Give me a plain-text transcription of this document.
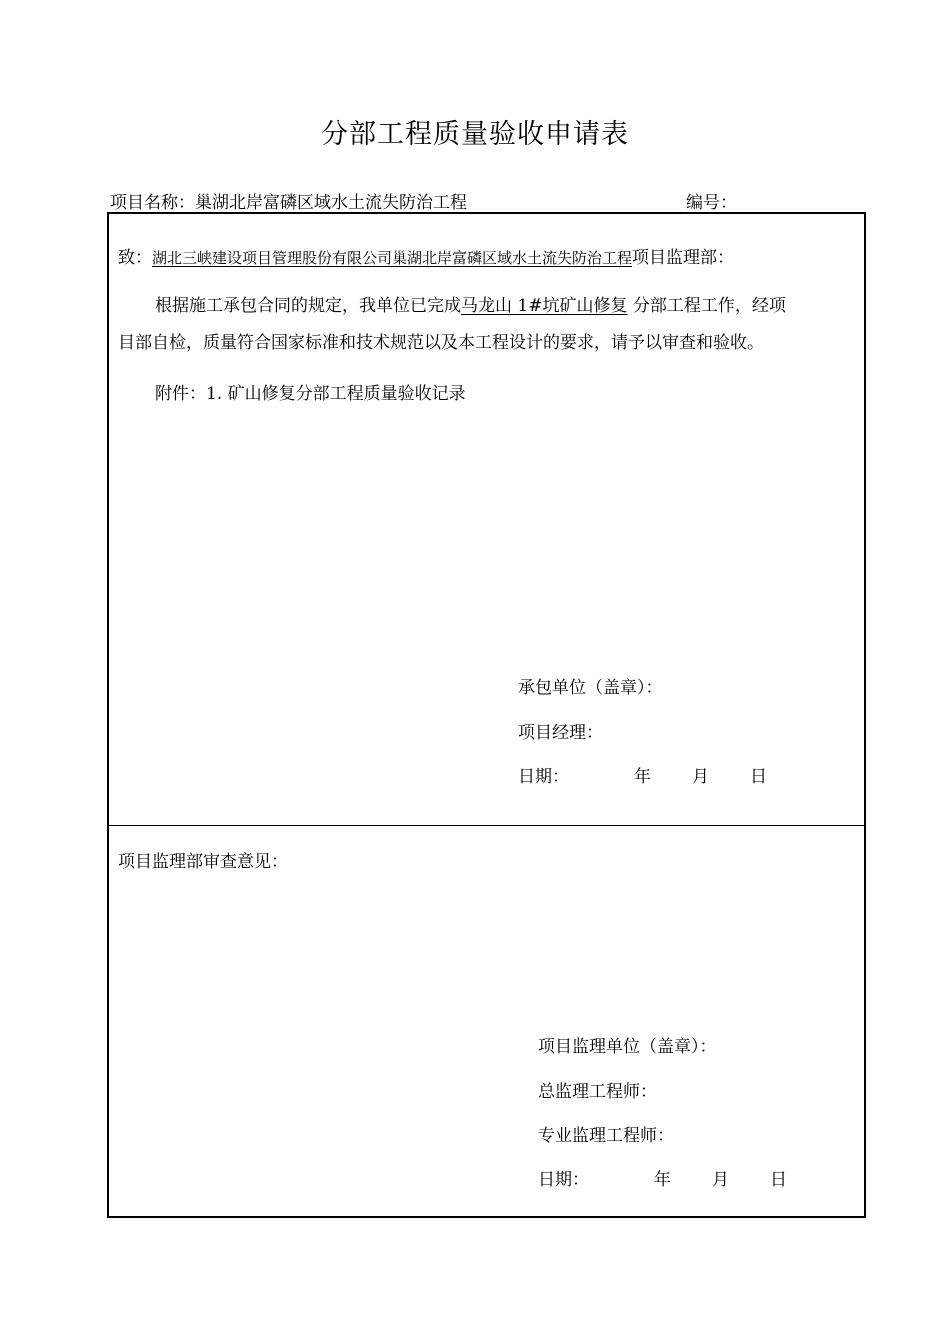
分部工程质量验收申请表
项目名称：巢湖北岸富磷区域水土流失防治工程	编号：
致：湖北三峡建设项目管理股份有限公司巢湖北岸富磷区域水土流失防治工程项目监理部：
根据施工承包合同的规定，我单位已完成马龙山 1#坑矿山修复 分部工程工作，经项
目部自检，质量符合国家标准和技术规范以及本工程设计的要求，请予以审查和验收。
附件：1. 矿山修复分部工程质量验收记录
承包单位（盖章）：
项目经理：
日期：	年 月 日
项目监理部审查意见：
项目监理单位（盖章）：
总监理工程师：
专业监理工程师：
日期：	年 月 日
